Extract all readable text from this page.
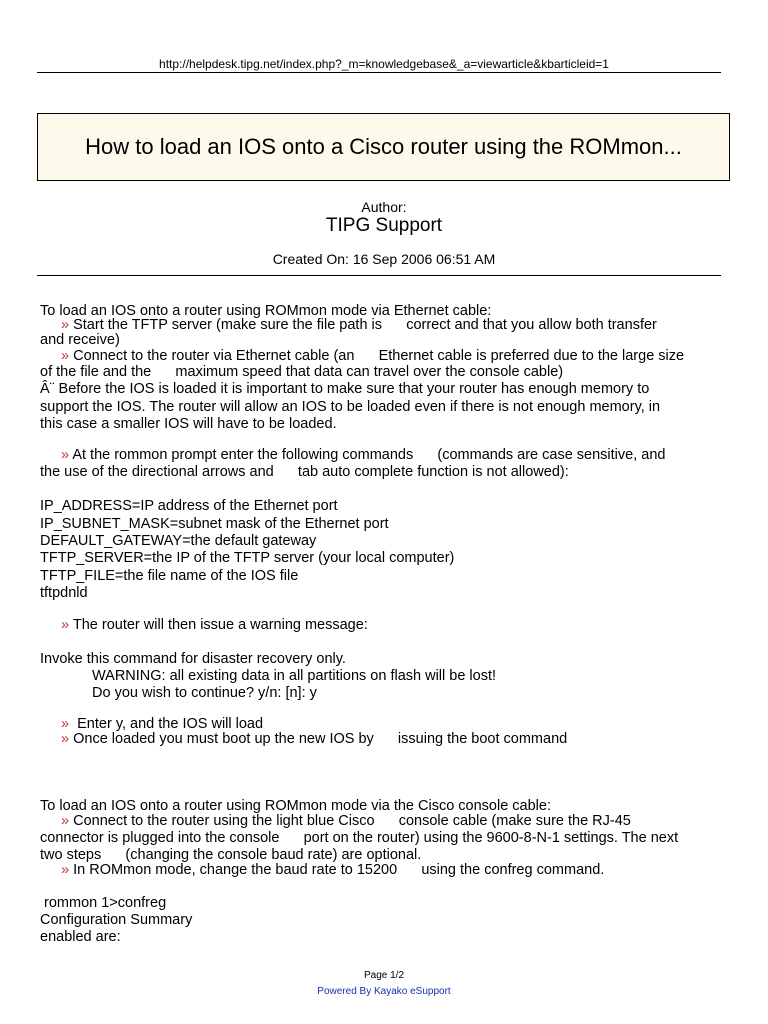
http://helpdesk.tipg.net/index.php?_m=knowledgebase&_a=viewarticle&kbarticleid=1
How to load an IOS onto a Cisco router using the ROMmon...
Author:
TIPG Support
Created On: 16 Sep 2006 06:51 AM
To load an IOS onto a router using ROMmon mode via Ethernet cable:
» Start the TFTP server (make sure the file path is      correct and that you allow both transfer
and receive)
» Connect to the router via Ethernet cable (an      Ethernet cable is preferred due to the large size
of the file and the      maximum speed that data can travel over the console cable)
Â¨ Before the IOS is loaded it is important to make sure that your router has enough memory to
support the IOS. The router will allow an IOS to be loaded even if there is not enough memory, in
this case a smaller IOS will have to be loaded.
» At the rommon prompt enter the following commands      (commands are case sensitive, and
the use of the directional arrows and      tab auto complete function is not allowed):
IP_ADDRESS=IP address of the Ethernet port
IP_SUBNET_MASK=subnet mask of the Ethernet port
DEFAULT_GATEWAY=the default gateway
TFTP_SERVER=the IP of the TFTP server (your local computer)
TFTP_FILE=the file name of the IOS file
tftpdnld
» The router will then issue a warning message:
Invoke this command for disaster recovery only.
WARNING: all existing data in all partitions on flash will be lost!
Do you wish to continue? y/n: [n]: y
»  Enter y, and the IOS will load
» Once loaded you must boot up the new IOS by      issuing the boot command
To load an IOS onto a router using ROMmon mode via the Cisco console cable:
» Connect to the router using the light blue Cisco      console cable (make sure the RJ-45
connector is plugged into the console      port on the router) using the 9600-8-N-1 settings. The next
two steps      (changing the console baud rate) are optional.
» In ROMmon mode, change the baud rate to 15200      using the confreg command.
rommon 1>confreg
Configuration Summary
enabled are:
Page 1/2
Powered By Kayako eSupport
